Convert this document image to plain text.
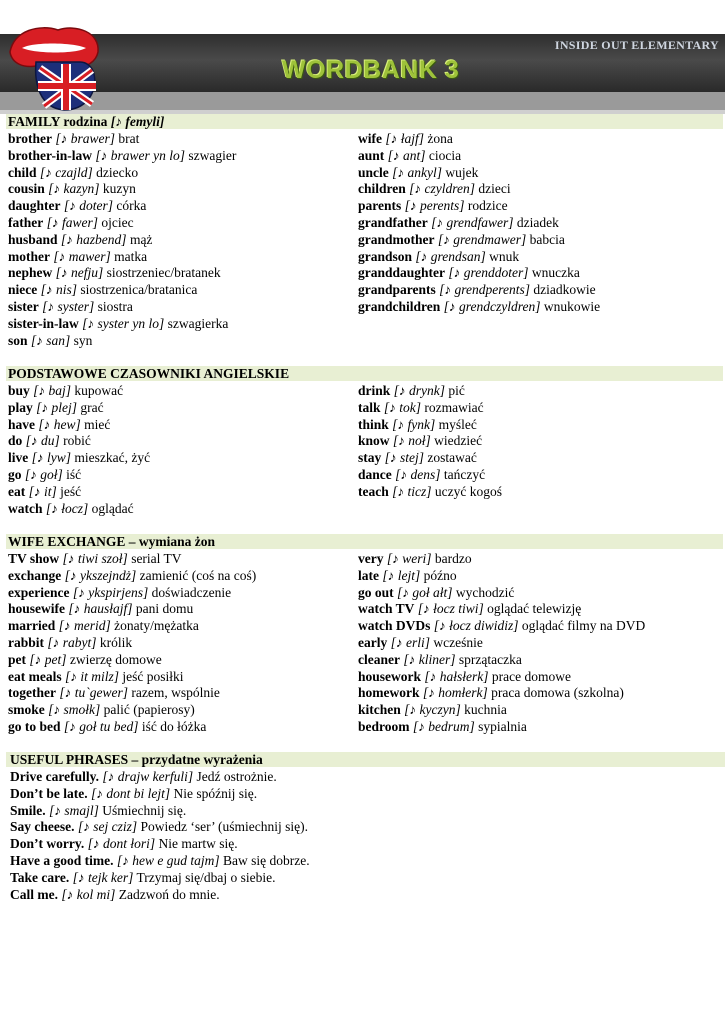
INSIDE OUT ELEMENTARY
WORDBANK 3
FAMILY rodzina [♪ femyli]
brother [♪ brawer] brat
brother-in-law [♪ brawer yn lo] szwagier
child [♪ czajld] dziecko
cousin [♪ kazyn] kuzyn
daughter [♪ doter] córka
father [♪ fawer] ojciec
husband [♪ hazbend] mąż
mother [♪ mawer] matka
nephew [♪ nefju] siostrzeniec/bratanek
niece [♪ nis] siostrzenica/bratanica
sister [♪ syster] siostra
sister-in-law [♪ syster yn lo] szwagierka
son [♪ san] syn
wife [♪ łajf] żona
aunt [♪ ant] ciocia
uncle [♪ ankyl] wujek
children [♪ czyldren] dzieci
parents [♪ perents] rodzice
grandfather [♪ grendfawer] dziadek
grandmother [♪ grendmawer] babcia
grandson [♪ grendsan] wnuk
granddaughter [♪ grenddoter] wnuczka
grandparents [♪ grendperents] dziadkowie
grandchildren [♪ grendczyldren] wnukowie
PODSTAWOWE CZASOWNIKI ANGIELSKIE
buy [♪ baj] kupować
play [♪ plej] grać
have [♪ hew] mieć
do [♪ du] robić
live [♪ lyw] mieszkać, żyć
go [♪ goł] iść
eat [♪ it] jeść
watch [♪ łocz] oglądać
drink [♪ drynk] pić
talk [♪ tok] rozmawiać
think [♪ fynk] myśleć
know [♪ noł] wiedzieć
stay [♪ stej] zostawać
dance [♪ dens] tańczyć
teach [♪ ticz] uczyć kogoś
WIFE EXCHANGE – wymiana żon
TV show [♪ tiwi szoł] serial TV
exchange [♪ ykszejndż] zamienić (coś na coś)
experience [♪ ykspirjens] doświadczenie
housewife [♪ hausłajf] pani domu
married [♪ merid] żonaty/mężatka
rabbit [♪ rabyt] królik
pet [♪ pet] zwierzę domowe
eat meals [♪ it milz] jeść posiłki
together [♪ tu`gewer] razem, wspólnie
smoke [♪ smołk] palić (papierosy)
go to bed [♪ goł tu bed] iść do łóżka
very [♪ weri] bardzo
late [♪ lejt] późno
go out [♪ goł ałt] wychodzić
watch TV [♪ łocz tiwi] oglądać telewizję
watch DVDs [♪ łocz diwidiz] oglądać filmy na DVD
early [♪ erli] wcześnie
cleaner [♪ kliner] sprzątaczka
housework [♪ hałsłerk] prace domowe
homework [♪ homłerk] praca domowa (szkolna)
kitchen [♪ kyczyn] kuchnia
bedroom [♪ bedrum] sypialnia
USEFUL PHRASES – przydatne wyrażenia
Drive carefully. [♪ drajw kerfuli] Jedź ostrożnie.
Don’t be late. [♪ dont bi lejt] Nie spóźnij się.
Smile. [♪ smajl] Uśmiechnij się.
Say cheese. [♪ sej cziz] Powiedz ‘ser’ (uśmiechnij się).
Don’t worry. [♪ dont łori] Nie martw się.
Have a good time. [♪ hew e gud tajm] Baw się dobrze.
Take care. [♪ tejk ker] Trzymaj się/dbaj o siebie.
Call me. [♪ kol mi] Zadzwoń do mnie.
